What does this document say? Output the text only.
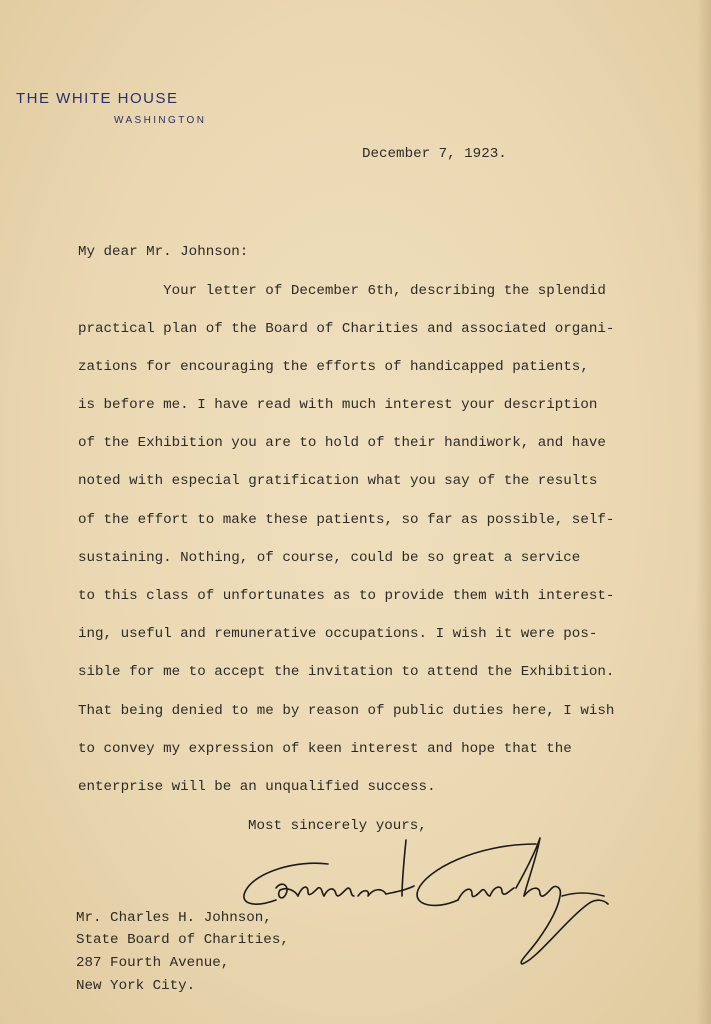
THE WHITE HOUSE
WASHINGTON
December 7, 1923.
My dear Mr. Johnson:
Your letter of December 6th, describing the splendid
practical plan of the Board of Charities and associated organi-
zations for encouraging the efforts of handicapped patients,
is before me. I have read with much interest your description
of the Exhibition you are to hold of their handiwork, and have
noted with especial gratification what you say of the results
of the effort to make these patients, so far as possible, self-
sustaining. Nothing, of course, could be so great a service
to this class of unfortunates as to provide them with interest-
ing, useful and remunerative occupations. I wish it were pos-
sible for me to accept the invitation to attend the Exhibition.
That being denied to me by reason of public duties here, I wish
to convey my expression of keen interest and hope that the
enterprise will be an unqualified success.
Most sincerely yours,
Mr. Charles H. Johnson,
State Board of Charities,
287 Fourth Avenue,
New York City.
